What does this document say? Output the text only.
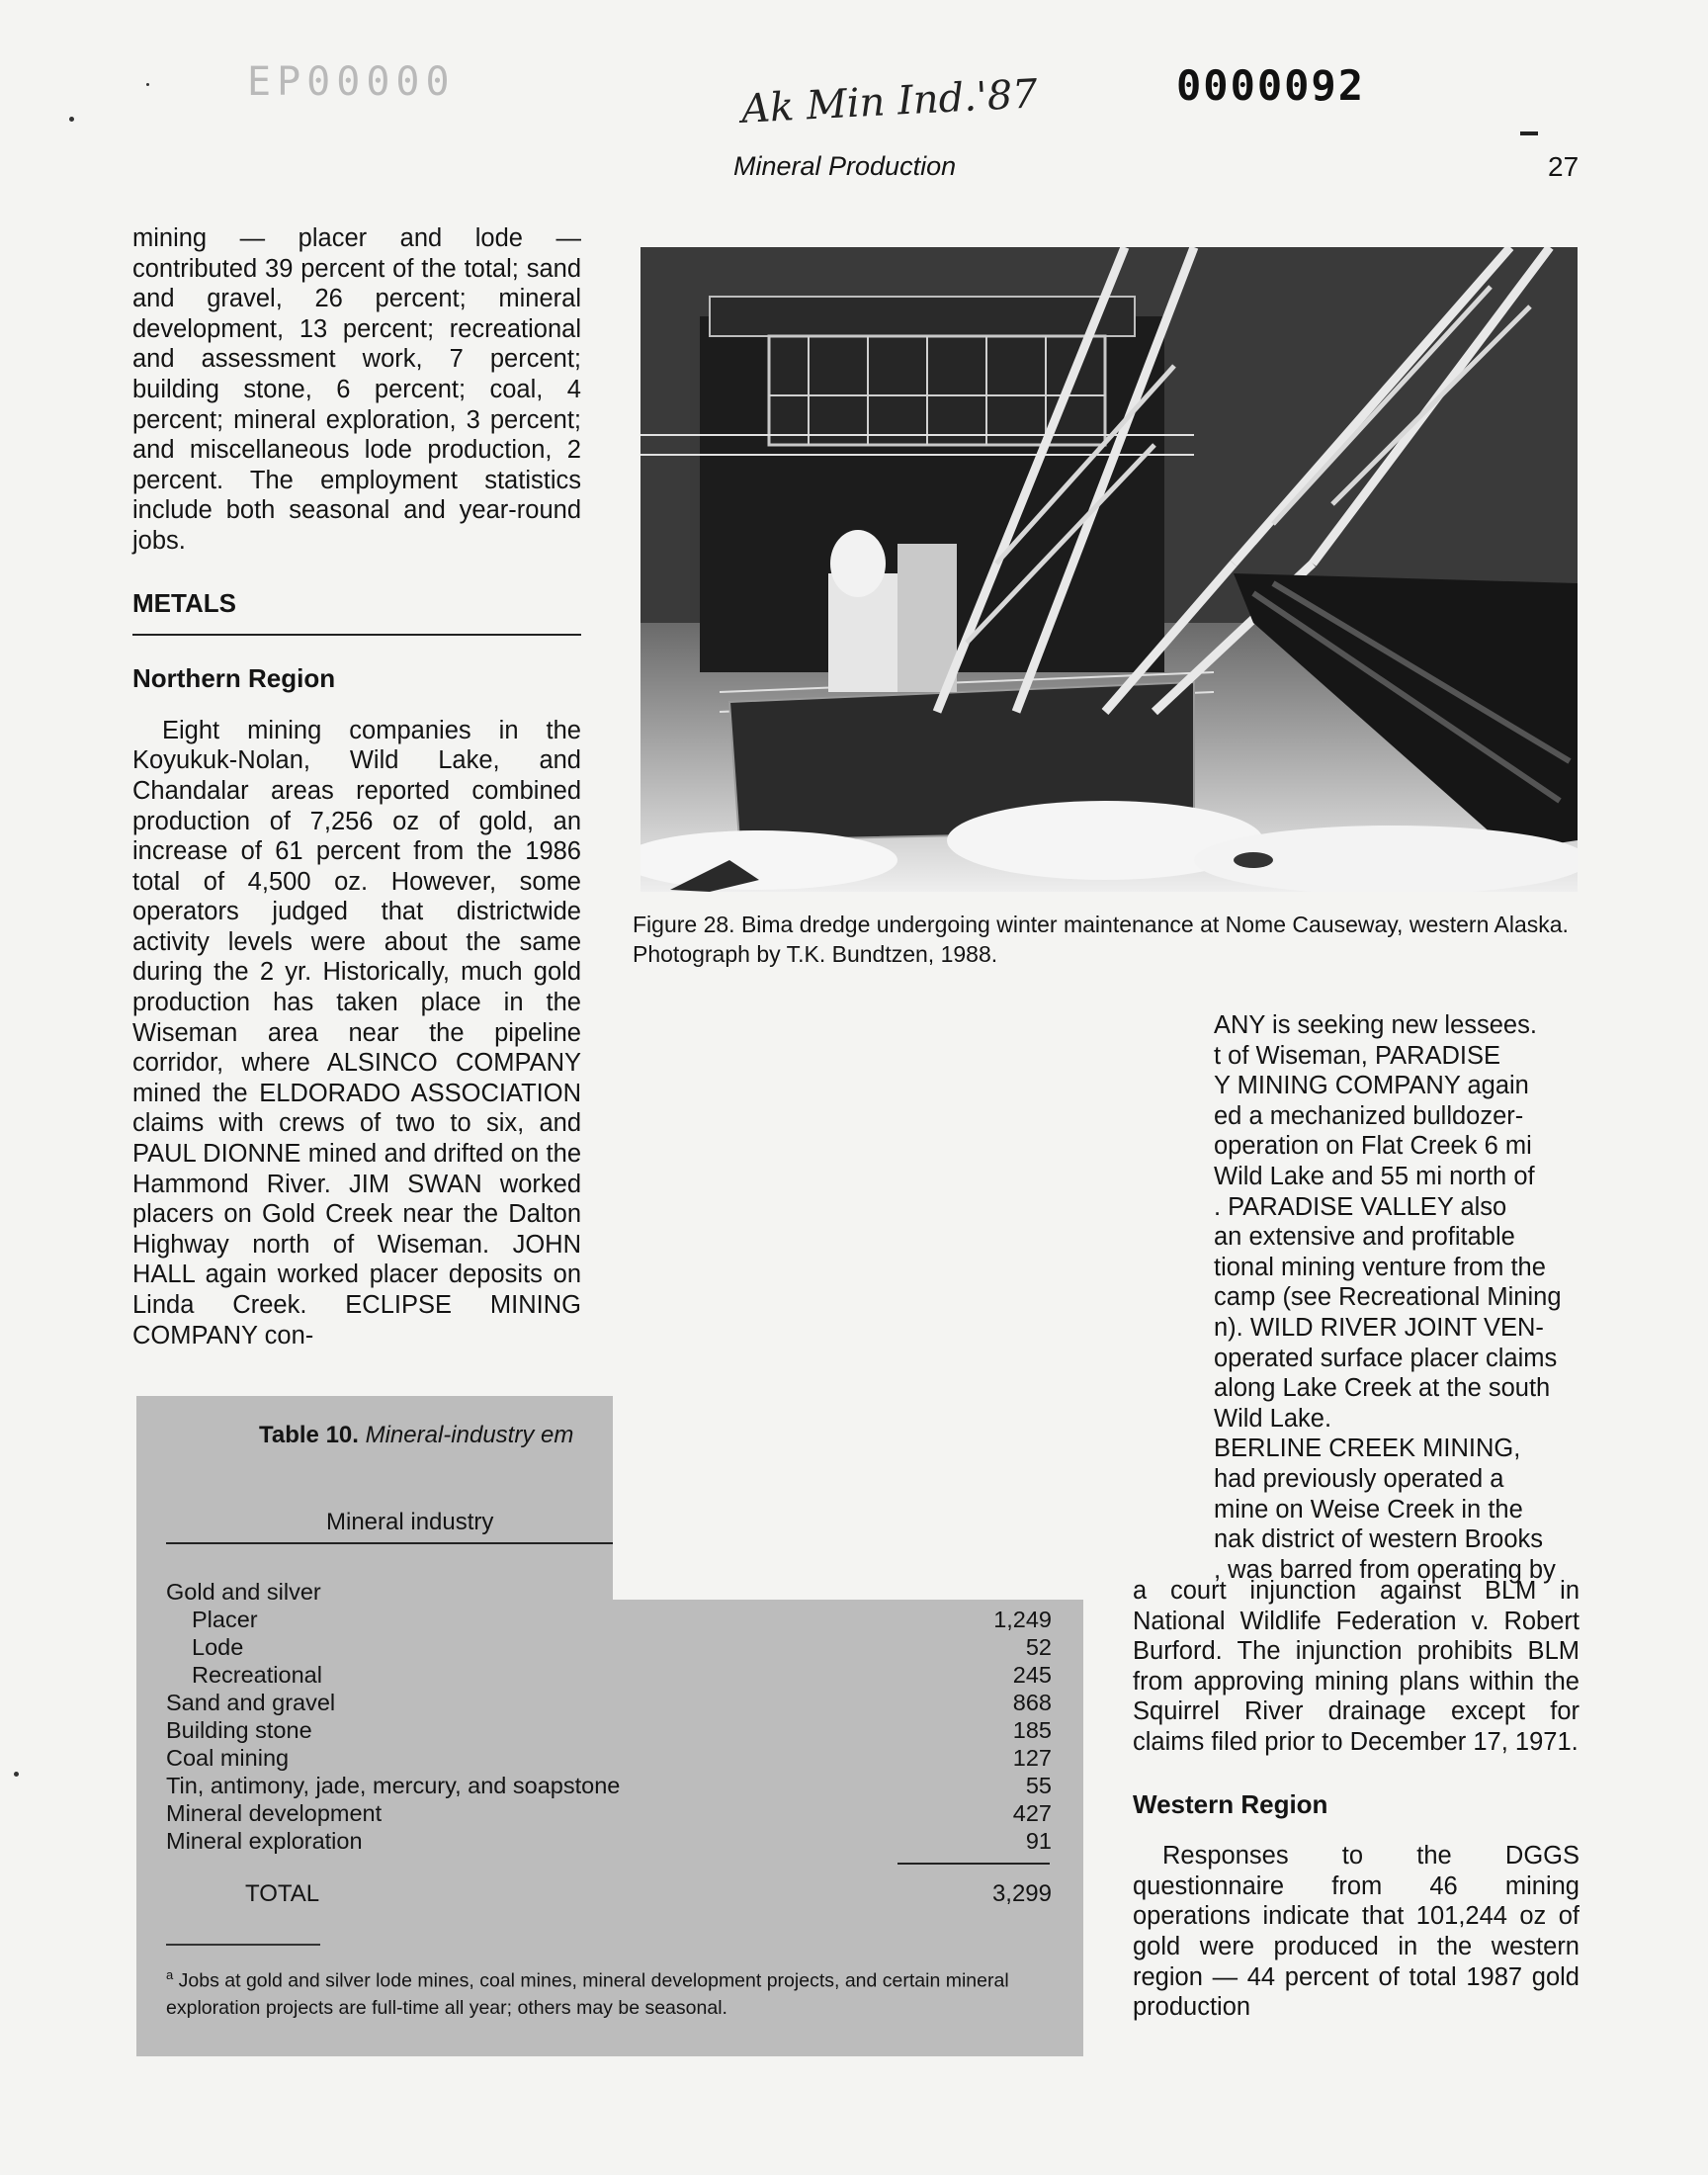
EP00000	Ak Min Ind.'87	0000092
Mineral Production	27

mining — placer and lode — contributed 39 percent of the total; sand and gravel, 26 percent; mineral development, 13 percent; recreational and assessment work, 7 percent; building stone, 6 percent; coal, 4 percent; mineral exploration, 3 percent; and miscellaneous lode production, 2 percent. The employment statistics include both seasonal and year-round jobs.

METALS
Northern Region

Eight mining companies in the Koyukuk-Nolan, Wild Lake, and Chandalar areas reported combined production of 7,256 oz of gold, an increase of 61 percent from the 1986 total of 4,500 oz. However, some operators judged that districtwide activity levels were about the same during the 2 yr. Historically, much gold production has taken place in the Wiseman area near the pipeline corridor, where ALSINCO COMPANY mined the ELDORADO ASSOCIATION claims with crews of two to six, and PAUL DIONNE mined and drifted on the Hammond River. JIM SWAN worked placers on Gold Creek near the Dalton Highway north of Wiseman. JOHN HALL again worked placer deposits on Linda Creek. ECLIPSE MINING COMPANY con-

Figure 28. Bima dredge undergoing winter maintenance at Nome Causeway, western Alaska. Photograph by T.K. Bundtzen, 1988.
ANY is seeking new lessees.
t of Wiseman, PARADISE
Y MINING COMPANY again
ed a mechanized bulldozer-
operation on Flat Creek 6 mi
Wild Lake and 55 mi north of
. PARADISE VALLEY also
an extensive and profitable
tional mining venture from the
camp (see Recreational Mining
n). WILD RIVER JOINT VEN-
operated surface placer claims
along Lake Creek at the south
Wild Lake.
BERLINE CREEK MINING,
had previously operated a
mine on Weise Creek in the
nak district of western Brooks
, was barred from operating by

a court injunction against BLM in National Wildlife Federation v. Robert Burford. The injunction prohibits BLM from approving mining plans within the Squirrel River drainage except for claims filed prior to December 17, 1971.

Western Region

Responses to the DGGS questionnaire from 46 mining operations indicate that 101,244 oz of gold were produced in the western region — 44 percent of total 1987 gold production

Table 10. Mineral-industry em
Mineral industry
Gold and silver
Placer	1,249
Lode	52
Recreational	245
Sand and gravel	868
Building stone	185
Coal mining	127
Tin, antimony, jade, mercury, and soapstone	55
Mineral development	427
Mineral exploration	91
TOTAL	3,299
$^a$ Jobs at gold and silver lode mines, coal mines, mineral development projects, and certain mineral exploration projects are full-time all year; others may be seasonal.
